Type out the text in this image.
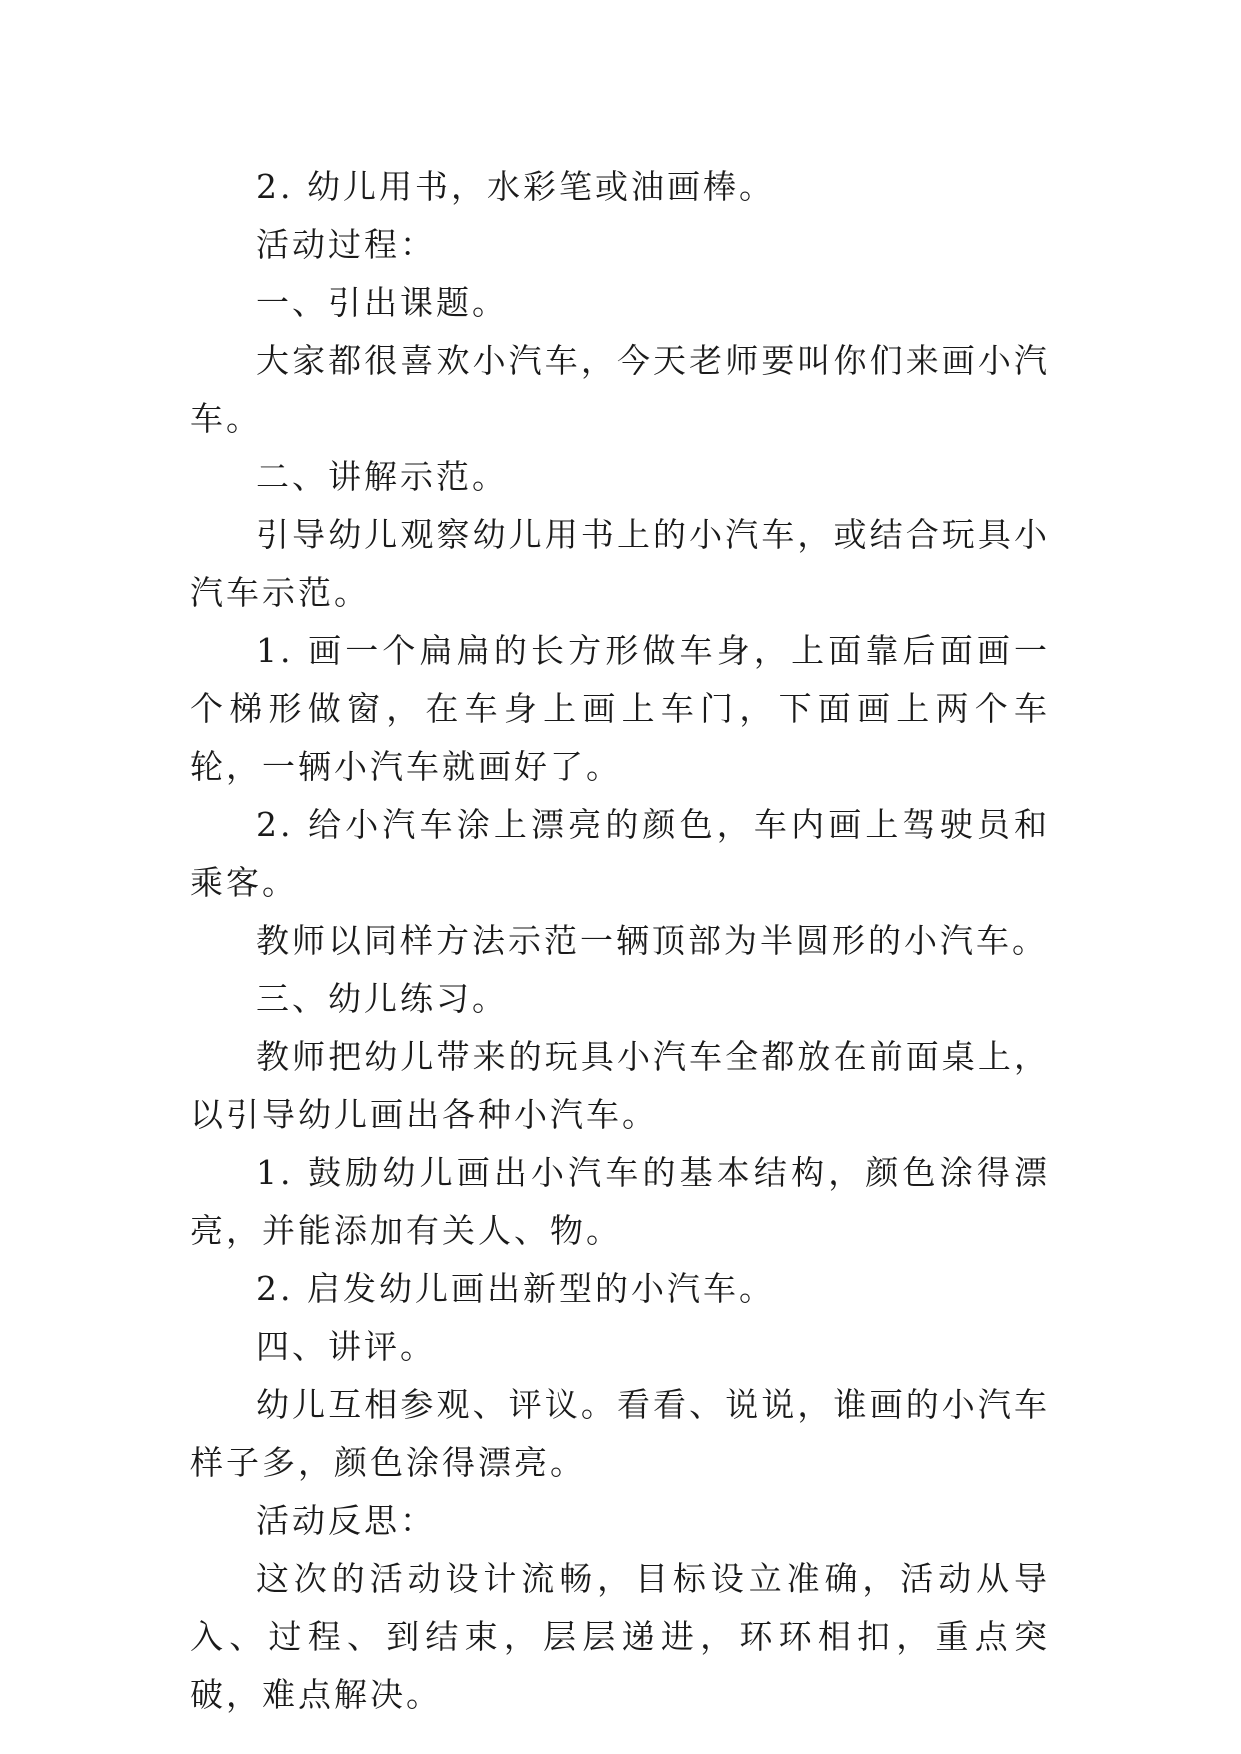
2. 幼儿用书，水彩笔或油画棒。

活动过程：

一、引出课题。

大家都很喜欢小汽车，今天老师要叫你们来画小汽车。

二、讲解示范。

引导幼儿观察幼儿用书上的小汽车，或结合玩具小汽车示范。

1. 画一个扁扁的长方形做车身，上面靠后面画一个梯形做窗，在车身上画上车门，下面画上两个车轮，一辆小汽车就画好了。

2. 给小汽车涂上漂亮的颜色，车内画上驾驶员和乘客。

教师以同样方法示范一辆顶部为半圆形的小汽车。

三、幼儿练习。

教师把幼儿带来的玩具小汽车全都放在前面桌上，以引导幼儿画出各种小汽车。

1. 鼓励幼儿画出小汽车的基本结构，颜色涂得漂亮，并能添加有关人、物。

2. 启发幼儿画出新型的小汽车。

四、讲评。

幼儿互相参观、评议。看看、说说，谁画的小汽车样子多，颜色涂得漂亮。

活动反思：

这次的活动设计流畅，目标设立准确，活动从导入、过程、到结束，层层递进，环环相扣，重点突破，难点解决。
